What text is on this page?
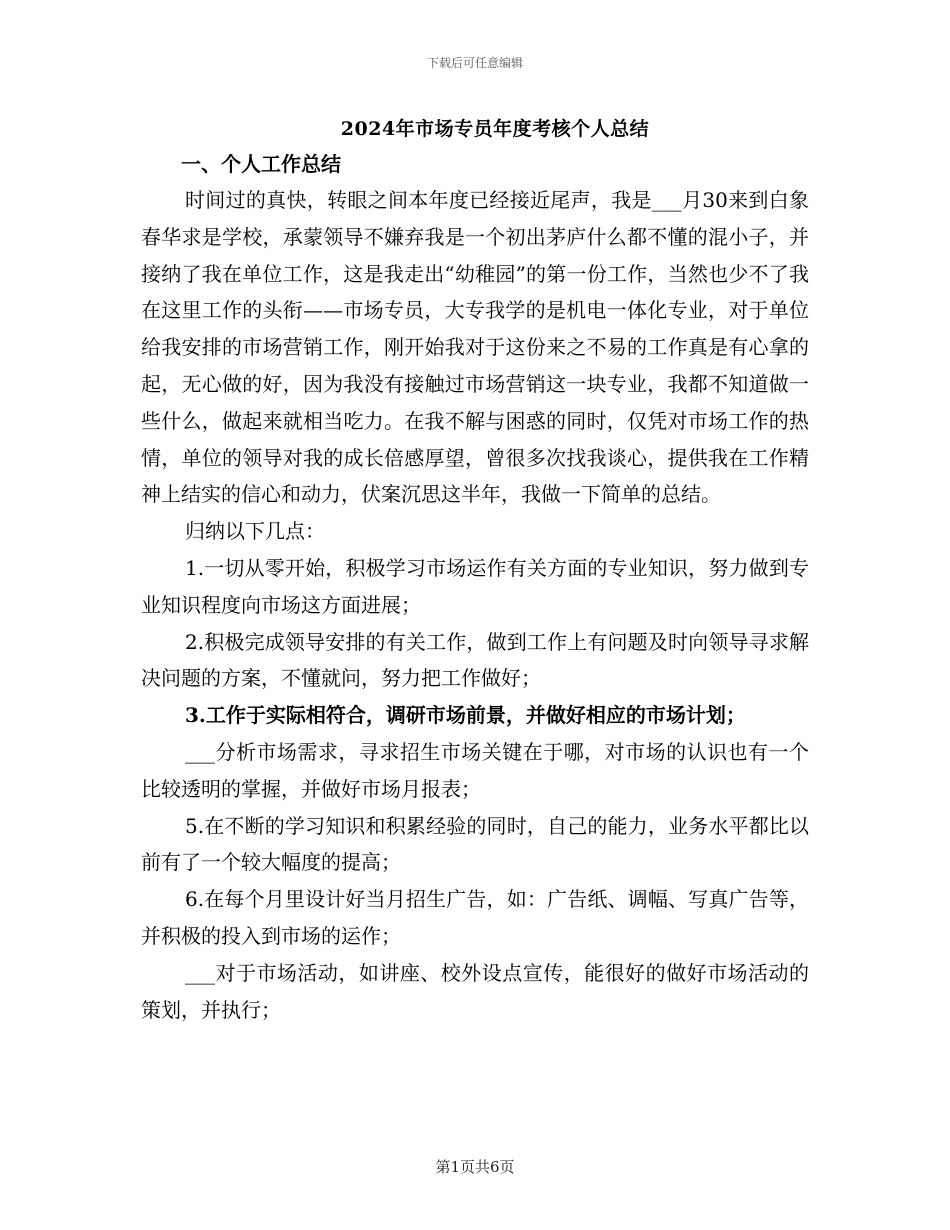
下载后可任意编辑
2024年市场专员年度考核个人总结
一、个人工作总结

时间过的真快，转眼之间本年度已经接近尾声，我是___月30来到白象春华求是学校，承蒙领导不嫌弃我是一个初出茅庐什么都不懂的混小子，并接纳了我在单位工作，这是我走出“幼稚园”的第一份工作，当然也少不了我在这里工作的头衔——市场专员，大专我学的是机电一体化专业，对于单位给我安排的市场营销工作，刚开始我对于这份来之不易的工作真是有心拿的起，无心做的好，因为我没有接触过市场营销这一块专业，我都不知道做一些什么，做起来就相当吃力。在我不解与困惑的同时，仅凭对市场工作的热情，单位的领导对我的成长倍感厚望，曾很多次找我谈心，提供我在工作精神上结实的信心和动力，伏案沉思这半年，我做一下简单的总结。

归纳以下几点：

1.一切从零开始，积极学习市场运作有关方面的专业知识，努力做到专业知识程度向市场这方面进展；

2.积极完成领导安排的有关工作，做到工作上有问题及时向领导寻求解决问题的方案，不懂就问，努力把工作做好；

3.工作于实际相符合，调研市场前景，并做好相应的市场计划；

___分析市场需求，寻求招生市场关键在于哪，对市场的认识也有一个比较透明的掌握，并做好市场月报表；

5.在不断的学习知识和积累经验的同时，自己的能力，业务水平都比以前有了一个较大幅度的提高；

6.在每个月里设计好当月招生广告，如：广告纸、调幅、写真广告等，并积极的投入到市场的运作；

___对于市场活动，如讲座、校外设点宣传，能很好的做好市场活动的策划，并执行；

第1页共6页
